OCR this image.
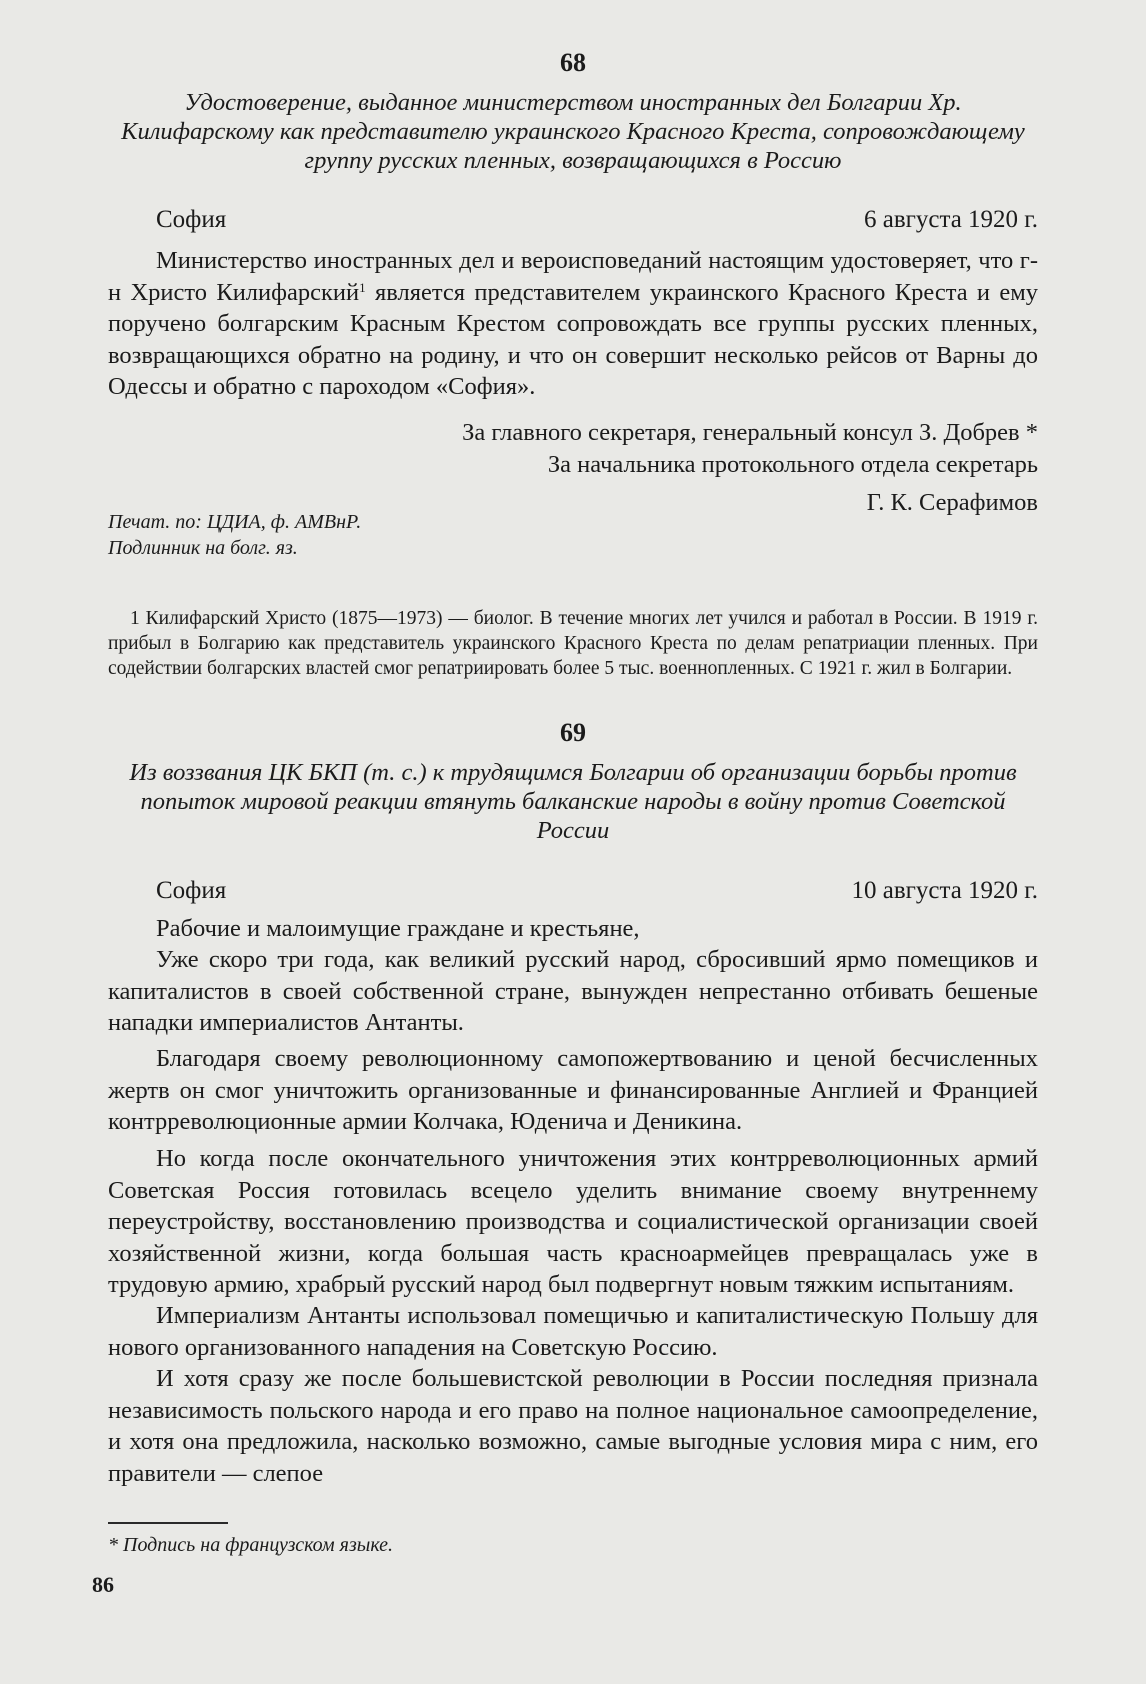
68
Удостоверение, выданное министерством иностранных дел Болгарии Хр. Килифарскому как представителю украинского Красного Креста, сопровождающему группу русских пленных, возвращающихся в Россию
София	6 августа 1920 г.

Министерство иностранных дел и вероисповеданий настоящим удостоверяет, что г-н Христо Килифарский$^1$ является представителем украинского Красного Креста и ему поручено болгарским Красным Крестом сопровождать все группы русских пленных, возвращающихся обратно на родину, и что он совершит несколько рейсов от Варны до Одессы и обратно с пароходом «София».

За главного секретаря, генеральный консул З. Добрев *
За начальника протокольного отдела секретарь
Г. К. Серафимов
Печат. по: ЦДИА, ф. АМВнР.
Подлинник на болг. яз.
1 Килифарский Христо (1875—1973) — биолог. В течение многих лет учился и работал в России. В 1919 г. прибыл в Болгарию как представитель украинского Красного Креста по делам репатриации пленных. При содействии болгарских властей смог репатриировать более 5 тыс. военнопленных. С 1921 г. жил в Болгарии.
69
Из воззвания ЦК БКП (т. с.) к трудящимся Болгарии об организации борьбы против попыток мировой реакции втянуть балканские народы в войну против Советской России
София	10 августа 1920 г.

Рабочие и малоимущие граждане и крестьяне,

Уже скоро три года, как великий русский народ, сбросивший ярмо помещиков и капиталистов в своей собственной стране, вынужден непрестанно отбивать бешеные нападки империалистов Антанты.

Благодаря своему революционному самопожертвованию и ценой бесчисленных жертв он смог уничтожить организованные и финансированные Англией и Францией контрреволюционные армии Колчака, Юденича и Деникина.

Но когда после окончательного уничтожения этих контрреволюционных армий Советская Россия готовилась всецело уделить внимание своему внутреннему переустройству, восстановлению производства и социалистической организации своей хозяйственной жизни, когда большая часть красноармейцев превращалась уже в трудовую армию, храбрый русский народ был подвергнут новым тяжким испытаниям.

Империализм Антанты использовал помещичью и капиталистическую Польшу для нового организованного нападения на Советскую Россию.

И хотя сразу же после большевистской революции в России последняя признала независимость польского народа и его право на полное национальное самоопределение, и хотя она предложила, насколько возможно, самые выгодные условия мира с ним, его правители — слепое

* Подпись на французском языке.
86
